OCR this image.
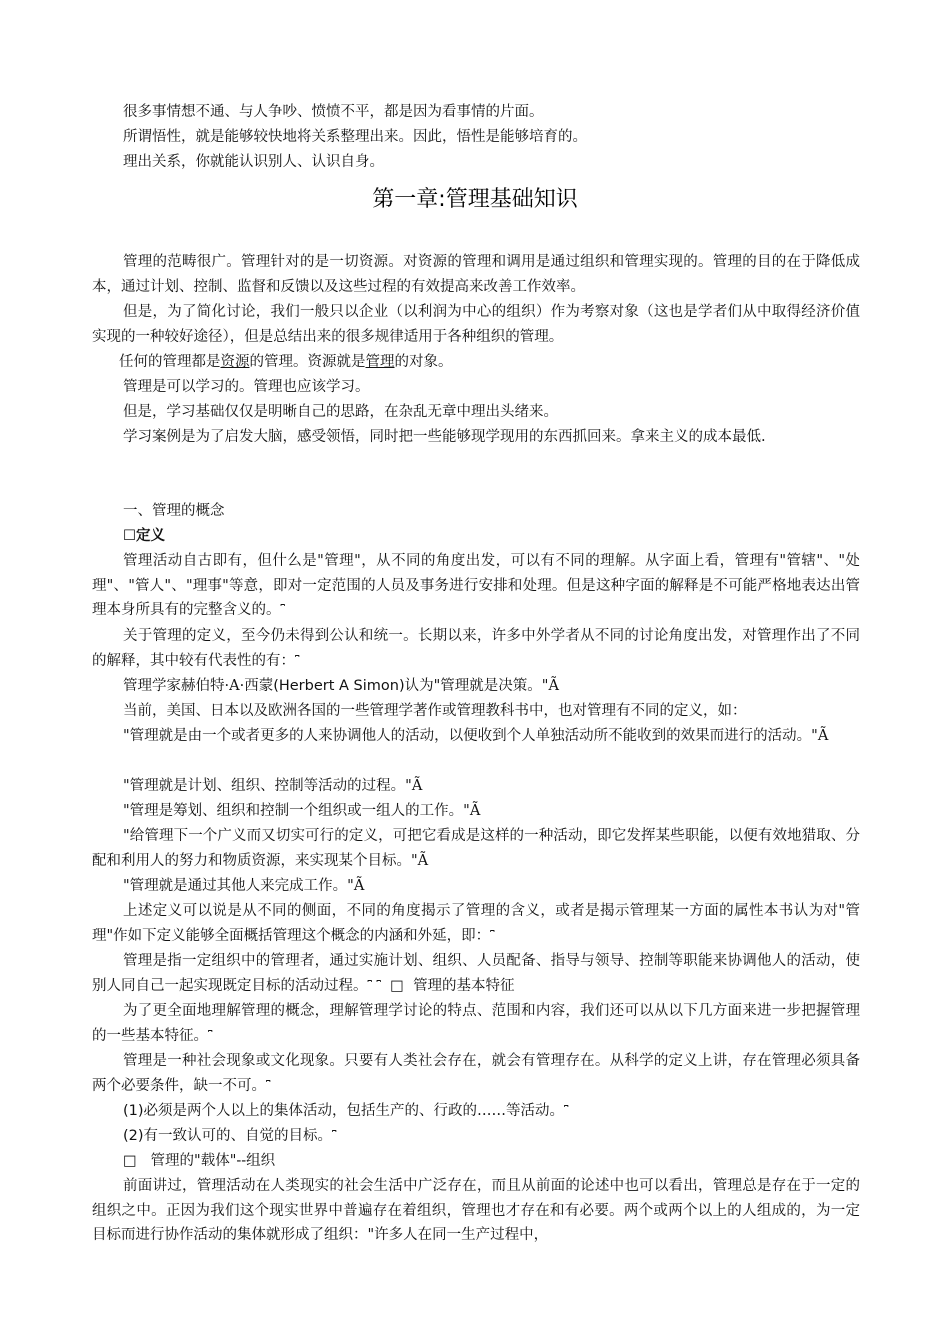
很多事情想不通、与人争吵、愤愤不平，都是因为看事情的片面。
所谓悟性，就是能够较快地将关系整理出来。因此，悟性是能够培育的。
理出关系，你就能认识别人、认识自身。
第一章:管理基础知识
管理的范畴很广。管理针对的是一切资源。对资源的管理和调用是通过组织和管理实现的。管理的目的在于降低成本，通过计划、控制、监督和反馈以及这些过程的有效提高来改善工作效率。
但是，为了简化讨论，我们一般只以企业（以利润为中心的组织）作为考察对象（这也是学者们从中取得经济价值实现的一种较好途径），但是总结出来的很多规律适用于各种组织的管理。
任何的管理都是资源的管理。资源就是管理的对象。
管理是可以学习的。管理也应该学习。
但是，学习基础仅仅是明晰自己的思路，在杂乱无章中理出头绪来。
学习案例是为了启发大脑，感受领悟，同时把一些能够现学现用的东西抓回来。拿来主义的成本最低.
一、管理的概念
☐定义
管理活动自古即有，但什么是"管理"，从不同的角度出发，可以有不同的理解。从字面上看，管理有"管辖"、"处理"、"管人"、"理事"等意，即对一定范围的人员及事务进行安排和处理。但是这种字面的解释是不可能严格地表达出管理本身所具有的完整含义的。⎴
关于管理的定义，至今仍未得到公认和统一。长期以来，许多中外学者从不同的讨论角度出发，对管理作出了不同的解释，其中较有代表性的有：⎴
管理学家赫伯特·A·西蒙(Herbert A Simon)认为"管理就是决策。"Ã
当前，美国、日本以及欧洲各国的一些管理学著作或管理教科书中，也对管理有不同的定义，如：
"管理就是由一个或者更多的人来协调他人的活动，以便收到个人单独活动所不能收到的效果而进行的活动。"Ã
"管理就是计划、组织、控制等活动的过程。"Ã
"管理是筹划、组织和控制一个组织或一组人的工作。"Ã
"给管理下一个广义而又切实可行的定义，可把它看成是这样的一种活动，即它发挥某些职能，以便有效地猎取、分配和利用人的努力和物质资源，来实现某个目标。"Ã
"管理就是通过其他人来完成工作。"Ã
上述定义可以说是从不同的侧面，不同的角度揭示了管理的含义，或者是揭示管理某一方面的属性本书认为对"管理"作如下定义能够全面概括管理这个概念的内涵和外延，即：⎴
管理是指一定组织中的管理者，通过实施计划、组织、人员配备、指导与领导、控制等职能来协调他人的活动，使别人同自己一起实现既定目标的活动过程。⎴ ⎴ □ 管理的基本特征
为了更全面地理解管理的概念，理解管理学讨论的特点、范围和内容，我们还可以从以下几方面来进一步把握管理的一些基本特征。⎴
管理是一种社会现象或文化现象。只要有人类社会存在，就会有管理存在。从科学的定义上讲，存在管理必须具备两个必要条件，缺一不可。⎴
(1)必须是两个人以上的集体活动，包括生产的、行政的……等活动。⎴
(2)有一致认可的、自觉的目标。⎴
□ 管理的"载体"--组织
前面讲过，管理活动在人类现实的社会生活中广泛存在，而且从前面的论述中也可以看出，管理总是存在于一定的组织之中。正因为我们这个现实世界中普遍存在着组织，管理也才存在和有必要。两个或两个以上的人组成的，为一定目标而进行协作活动的集体就形成了组织："许多人在同一生产过程中，
